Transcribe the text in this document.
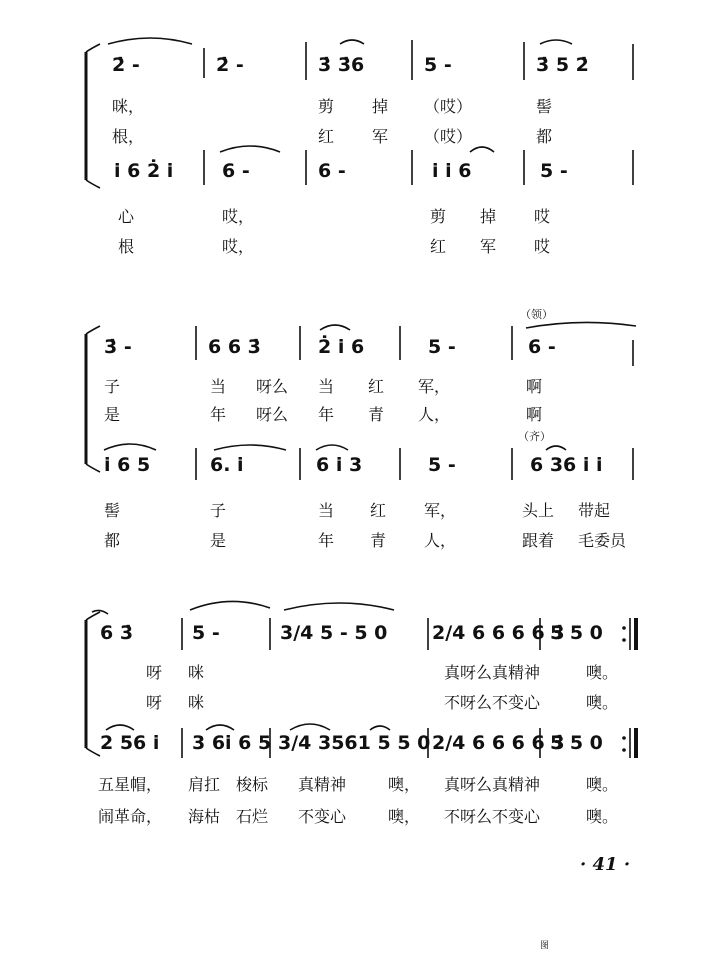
2̇ -	2̇ -	3̇ 3̇6	5 -	3̇ 5 2̇
咪，	剪 掉 （哎）	髻
根，	红 军 （哎）	都
i 6 2̇ i	6 -	6 -	i i 6	5 -
心	哎，	剪 掉 哎
根	哎，	红 军 哎
（领）
3̇ -	6 6 3̇	2̇ i 6	5 -	6 -
子	当 呀么 当 红 军，	啊
是	年 呀么 年 青 人，	啊
（齐）
i 6 5	6. i	6 i 3	5 -	6 36 i i
髻	子	当 红 军，	头上 带起
都	是	年 青 人，	跟着 毛委员
6 3̇	5 -	3/4 5 - 5 0 2/4 6 6 6 6 3̇
5 5 0
呀 咪	真呀么真精神	噢。
呀 咪	不呀么不变心	噢。
2 56 i 3 6i 6 5 3/4 3561 5 5 0 2/4 6 6 6 6 3̇
5 5 0
五星帽， 肩扛 梭标 真精神	噢， 真呀么真精神	噢。
闹革命， 海枯 石烂 不变心	噢， 不呀么不变心	噢。
· 41 ·
图
